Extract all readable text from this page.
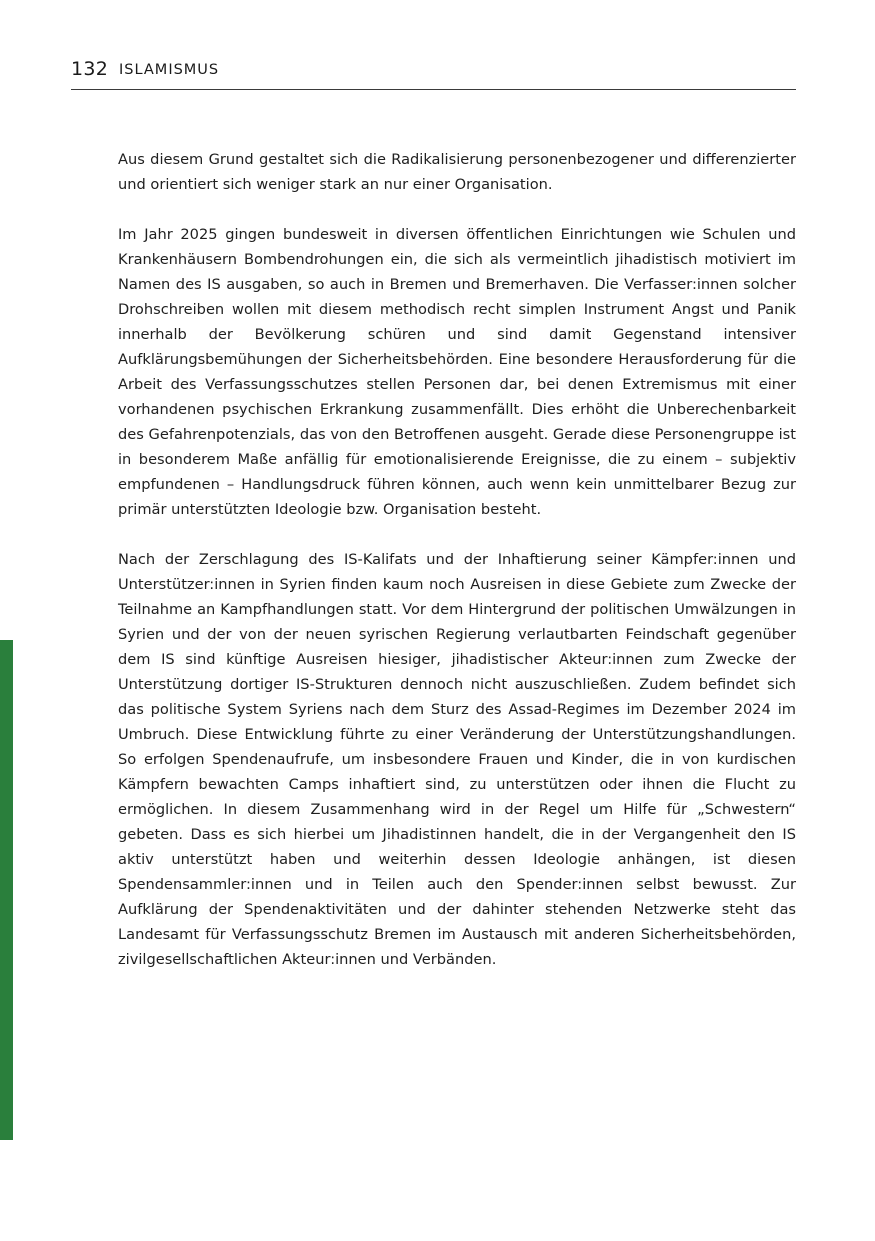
132 ISLAMISMUS

Aus diesem Grund gestaltet sich die Radikalisierung personenbezogener und differenzierter und orientiert sich weniger stark an nur einer Organisation.

Im Jahr 2025 gingen bundesweit in diversen öffentlichen Einrichtungen wie Schulen und Krankenhäusern Bombendrohungen ein, die sich als vermeintlich jihadistisch motiviert im Namen des IS ausgaben, so auch in Bremen und Bremerhaven. Die Verfasser:innen solcher Drohschreiben wollen mit diesem methodisch recht simplen Instrument Angst und Panik innerhalb der Bevölkerung schüren und sind damit Gegenstand intensiver Aufklärungsbemühungen der Sicherheitsbehörden. Eine besondere Herausforderung für die Arbeit des Verfassungsschutzes stellen Personen dar, bei denen Extremismus mit einer vorhandenen psychischen Erkrankung zusammenfällt. Dies erhöht die Unberechenbarkeit des Gefahrenpotenzials, das von den Betroffenen ausgeht. Gerade diese Personengruppe ist in besonderem Maße anfällig für emotionalisierende Ereignisse, die zu einem – subjektiv empfundenen – Handlungsdruck führen können, auch wenn kein unmittelbarer Bezug zur primär unterstützten Ideologie bzw. Organisation besteht.

Nach der Zerschlagung des IS-Kalifats und der Inhaftierung seiner Kämpfer:innen und Unterstützer:innen in Syrien finden kaum noch Ausreisen in diese Gebiete zum Zwecke der Teilnahme an Kampfhandlungen statt. Vor dem Hintergrund der politischen Umwälzungen in Syrien und der von der neuen syrischen Regierung verlautbarten Feindschaft gegenüber dem IS sind künftige Ausreisen hiesiger, jihadistischer Akteur:innen zum Zwecke der Unterstützung dortiger IS-Strukturen dennoch nicht auszuschließen. Zudem befindet sich das politische System Syriens nach dem Sturz des Assad-Regimes im Dezember 2024 im Umbruch. Diese Entwicklung führte zu einer Veränderung der Unterstützungshandlungen. So erfolgen Spendenaufrufe, um insbesondere Frauen und Kinder, die in von kurdischen Kämpfern bewachten Camps inhaftiert sind, zu unterstützen oder ihnen die Flucht zu ermöglichen. In diesem Zusammenhang wird in der Regel um Hilfe für „Schwestern“ gebeten. Dass es sich hierbei um Jihadistinnen handelt, die in der Vergangenheit den IS aktiv unterstützt haben und weiterhin dessen Ideologie anhängen, ist diesen Spendensammler:innen und in Teilen auch den Spender:innen selbst bewusst. Zur Aufklärung der Spendenaktivitäten und der dahinter stehenden Netzwerke steht das Landesamt für Verfassungsschutz Bremen im Austausch mit anderen Sicherheitsbehörden, zivilgesellschaftlichen Akteur:innen und Verbänden.
